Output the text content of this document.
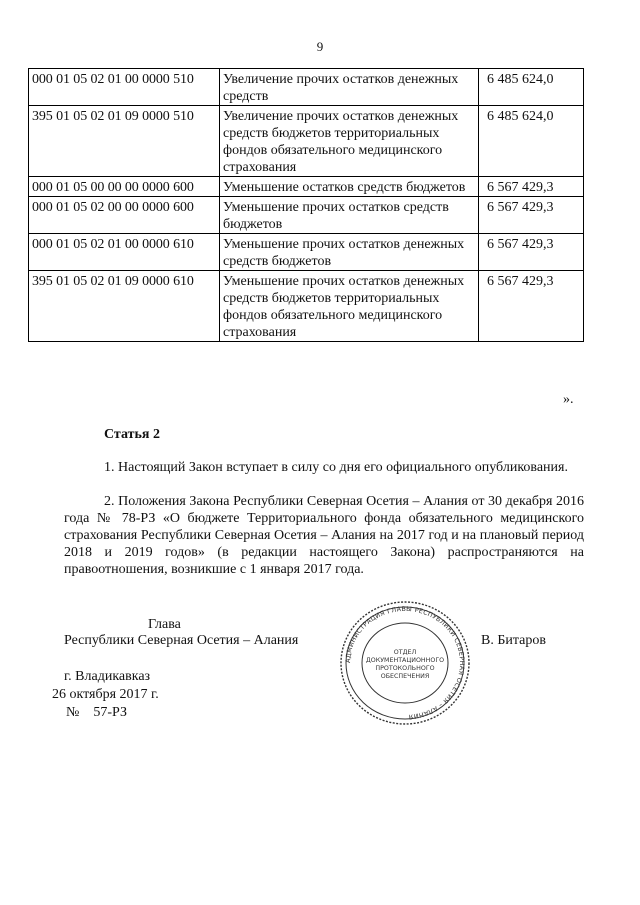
9
000 01 05 02 01 00 0000 510	Увеличение прочих остатков денежных средств	6 485 624,0
395 01 05 02 01 09 0000 510	Увеличение прочих остатков денежных средств бюджетов территориальных фондов обязательного медицинского страхования	6 485 624,0
000 01 05 00 00 00 0000 600	Уменьшение остатков средств бюджетов	6 567 429,3
000 01 05 02 00 00 0000 600	Уменьшение прочих остатков средств бюджетов	6 567 429,3
000 01 05 02 01 00 0000 610	Уменьшение прочих остатков денежных средств бюджетов	6 567 429,3
395 01 05 02 01 09 0000 610	Уменьшение прочих остатков денежных средств бюджетов территориальных фондов обязательного медицинского страхования	6 567 429,3
».
Статья 2
1. Настоящий Закон вступает в силу со дня его официального опубликования.
2. Положения Закона Республики Северная Осетия – Алания от 30 декабря 2016 года № 78-РЗ «О бюджете Территориального фонда обязательного медицинского страхования Республики Северная Осетия – Алания на 2017 год и на плановый период 2018 и 2019 годов» (в редакции настоящего Закона) распространяются на правоотношения, возникшие с 1 января 2017 года.
Глава
Республики Северная Осетия – Алания	В. Битаров
г. Владикавказ
26 октября 2017 г.
№ 57-РЗ
АДМИНИСТРАЦИЯ ГЛАВЫ РЕСПУБЛИКИ СЕВЕРНАЯ ОСЕТИЯ – АЛАНИЯ
ОТДЕЛ ДОКУМЕНТАЦИОННОГО ПРОТОКОЛЬНОГО ОБЕСПЕЧЕНИЯ
